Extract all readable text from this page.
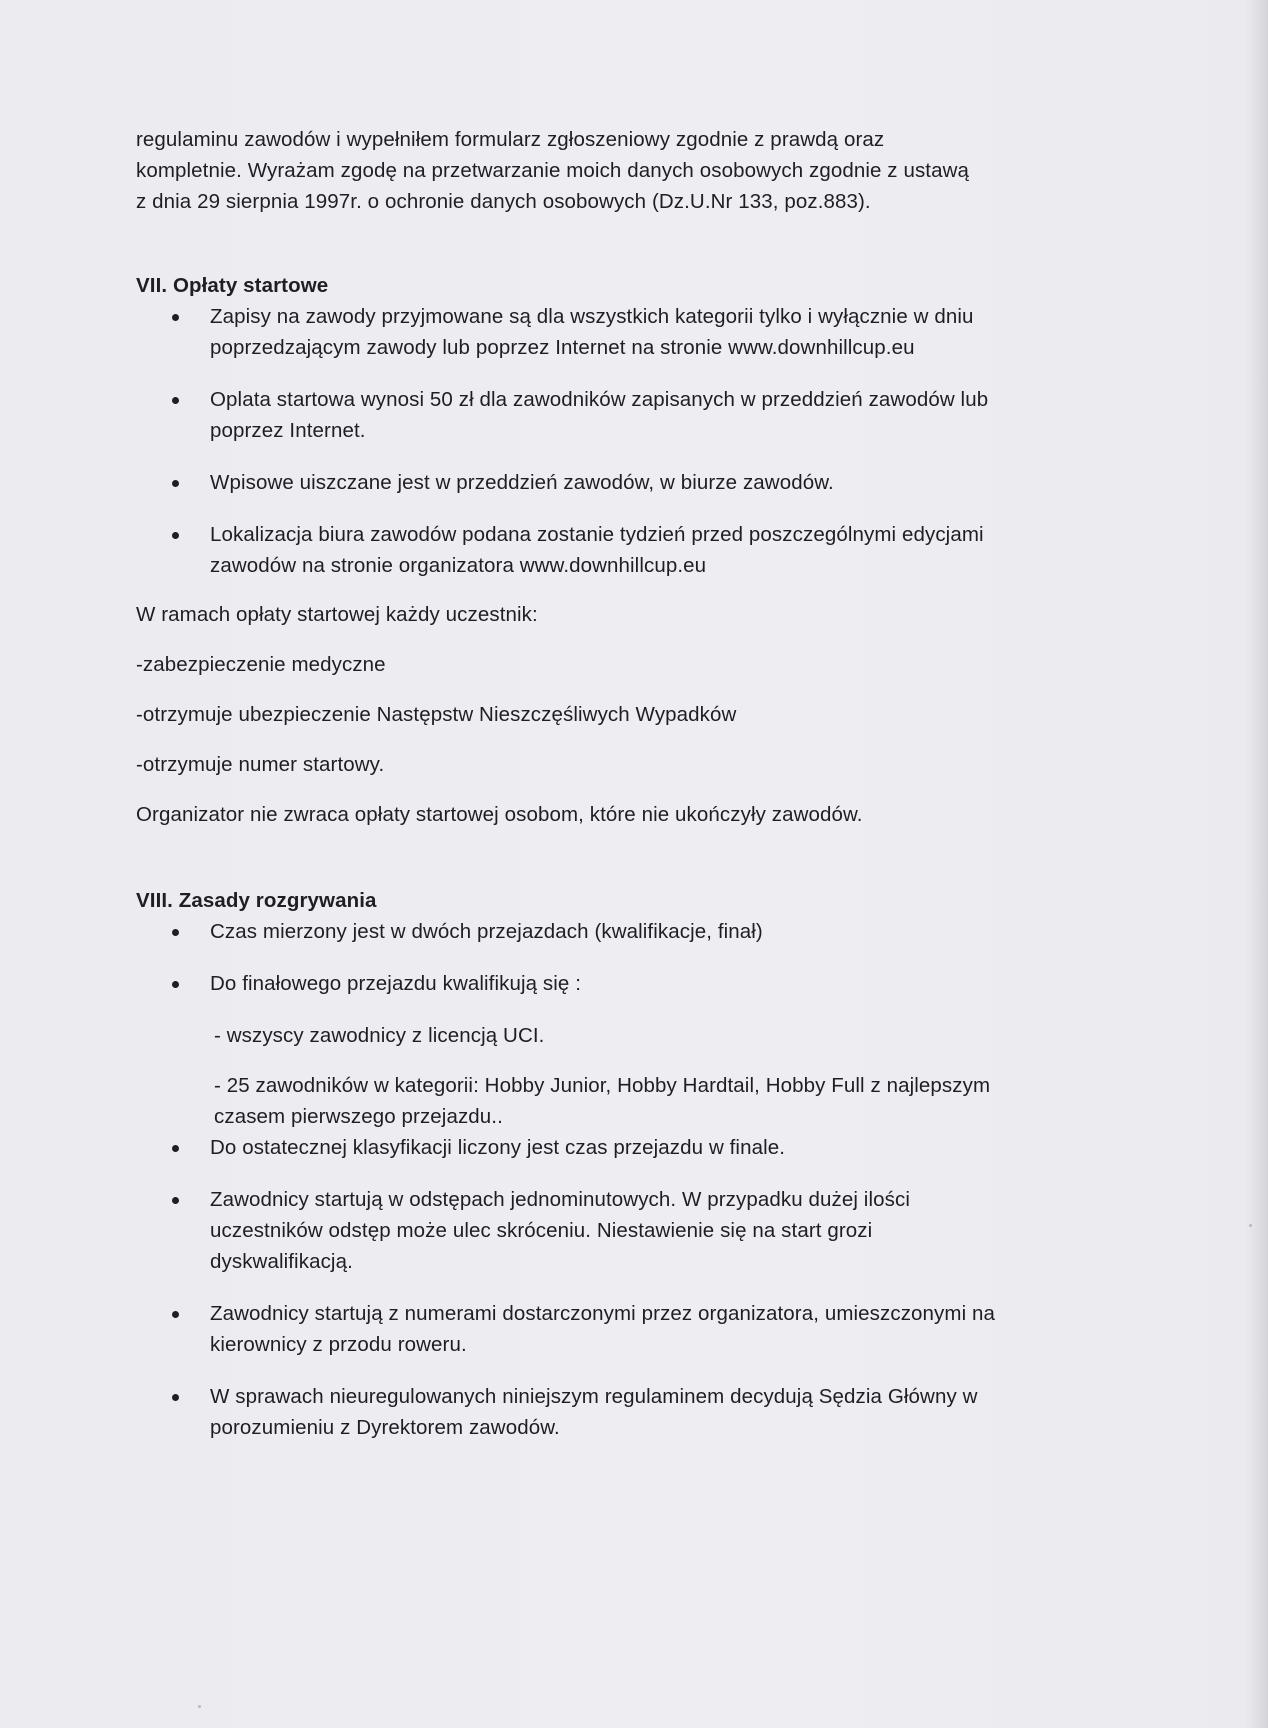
regulaminu zawodów i wypełniłem formularz zgłoszeniowy zgodnie z prawdą oraz
kompletnie. Wyrażam zgodę na przetwarzanie moich danych osobowych zgodnie z ustawą
z dnia 29 sierpnia 1997r. o ochronie danych osobowych (Dz.U.Nr 133, poz.883).

VII. Opłaty startowe

Zapisy na zawody przyjmowane są dla wszystkich kategorii tylko i wyłącznie w dniu
poprzedzającym zawody lub poprzez Internet na stronie www.downhillcup.eu
Oplata startowa wynosi 50 zł dla zawodników zapisanych w przeddzień zawodów lub
poprzez Internet.
Wpisowe uiszczane jest w przeddzień zawodów, w biurze zawodów.
Lokalizacja biura zawodów podana zostanie tydzień przed poszczególnymi edycjami
zawodów na stronie organizatora www.downhillcup.eu

W ramach opłaty startowej każdy uczestnik:

-zabezpieczenie medyczne

-otrzymuje ubezpieczenie Następstw Nieszczęśliwych Wypadków

-otrzymuje numer startowy.

Organizator nie zwraca opłaty startowej osobom, które nie ukończyły zawodów.

VIII. Zasady rozgrywania

Czas mierzony jest w dwóch przejazdach (kwalifikacje, finał)
Do finałowego przejazdu kwalifikują się :

- wszyscy zawodnicy z licencją UCI.

- 25 zawodników w kategorii: Hobby Junior, Hobby Hardtail, Hobby Full z najlepszym
czasem pierwszego przejazdu..

Do ostatecznej klasyfikacji liczony jest czas przejazdu w finale.
Zawodnicy startują w odstępach jednominutowych. W przypadku dużej ilości
uczestników odstęp może ulec skróceniu. Niestawienie się na start grozi
dyskwalifikacją.
Zawodnicy startują z numerami dostarczonymi przez organizatora, umieszczonymi na
kierownicy z przodu roweru.
W sprawach nieuregulowanych niniejszym regulaminem decydują Sędzia Główny w
porozumieniu z Dyrektorem zawodów.
